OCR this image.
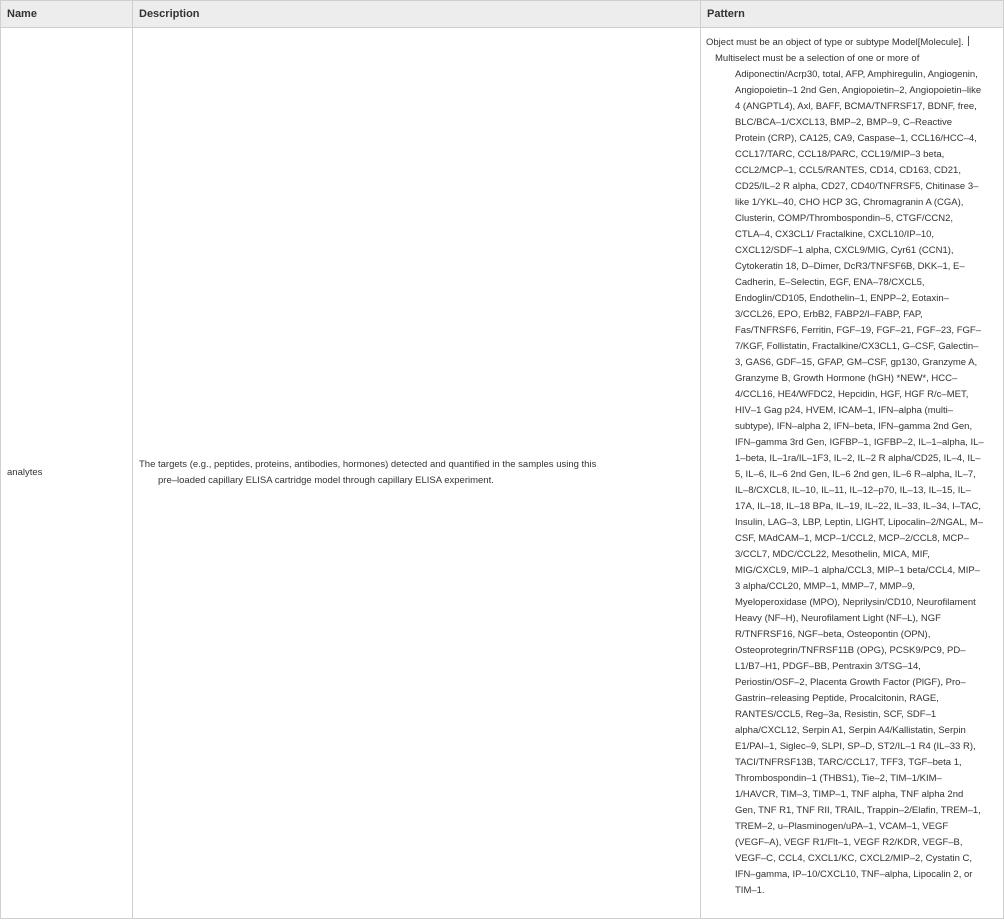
Name	Description	Pattern
analytes	The targets (e.g., peptides, proteins, antibodies, hormones) detected and quantified in the samples using this pre–loaded capillary ELISA cartridge model through capillary ELISA experiment.	Object must be an object of type or subtype Model[Molecule].
Multiselect must be a selection of one or more of

Adiponectin/Acrp30, total, AFP, Amphiregulin, Angiogenin, Angiopoietin–1 2nd Gen, Angiopoietin–2, Angiopoietin–like 4 (ANGPTL4), Axl, BAFF, BCMA/TNFRSF17, BDNF, free, BLC/BCA–1/CXCL13, BMP–2, BMP–9, C–Reactive Protein (CRP), CA125, CA9, Caspase–1, CCL16/HCC–4, CCL17/TARC, CCL18/PARC, CCL19/MIP–3 beta, CCL2/MCP–1, CCL5/RANTES, CD14, CD163, CD21, CD25/IL–2 R alpha, CD27, CD40/TNFRSF5, Chitinase 3–like 1/YKL–40, CHO HCP 3G, Chromagranin A (CGA), Clusterin, COMP/Thrombospondin–5, CTGF/CCN2, CTLA–4, CX3CL1/ Fractalkine, CXCL10/IP–10, CXCL12/SDF–1 alpha, CXCL9/MIG, Cyr61 (CCN1), Cytokeratin 18, D–Dimer, DcR3/TNFSF6B, DKK–1, E–Cadherin, E–Selectin, EGF, ENA–78/CXCL5, Endoglin/CD105, Endothelin–1, ENPP–2, Eotaxin–3/CCL26, EPO, ErbB2, FABP2/I–FABP, FAP, Fas/TNFRSF6, Ferritin, FGF–19, FGF–21, FGF–23, FGF–7/KGF, Follistatin, Fractalkine/CX3CL1, G–CSF, Galectin–3, GAS6, GDF–15, GFAP, GM–CSF, gp130, Granzyme A, Granzyme B, Growth Hormone (hGH) *NEW*, HCC–4/CCL16, HE4/WFDC2, Hepcidin, HGF, HGF R/c–MET, HIV–1 Gag p24, HVEM, ICAM–1, IFN–alpha (multi–subtype), IFN–alpha 2, IFN–beta, IFN–gamma 2nd Gen, IFN–gamma 3rd Gen, IGFBP–1, IGFBP–2, IL–1–alpha, IL–1–beta, IL–1ra/IL–1F3, IL–2, IL–2 R alpha/CD25, IL–4, IL–5, IL–6, IL–6 2nd Gen, IL–6 2nd gen, IL–6 R–alpha, IL–7, IL–8/CXCL8, IL–10, IL–11, IL–12–p70, IL–13, IL–15, IL–17A, IL–18, IL–18 BPa, IL–19, IL–22, IL–33, IL–34, I–TAC, Insulin, LAG–3, LBP, Leptin, LIGHT, Lipocalin–2/NGAL, M–CSF, MAdCAM–1, MCP–1/CCL2, MCP–2/CCL8, MCP–3/CCL7, MDC/CCL22, Mesothelin, MICA, MIF, MIG/CXCL9, MIP–1 alpha/CCL3, MIP–1 beta/CCL4, MIP–3 alpha/CCL20, MMP–1, MMP–7, MMP–9, Myeloperoxidase (MPO), Neprilysin/CD10, Neurofilament Heavy (NF–H), Neurofilament Light (NF–L), NGF R/TNFRSF16, NGF–beta, Osteopontin (OPN), Osteoprotegrin/TNFRSF11B (OPG), PCSK9/PC9, PD–L1/B7–H1, PDGF–BB, Pentraxin 3/TSG–14, Periostin/OSF–2, Placenta Growth Factor (PlGF), Pro–Gastrin–releasing Peptide, Procalcitonin, RAGE, RANTES/CCL5, Reg–3a, Resistin, SCF, SDF–1 alpha/CXCL12, Serpin A1, Serpin A4/Kallistatin, Serpin E1/PAI–1, Siglec–9, SLPI, SP–D, ST2/IL–1 R4 (IL–33 R), TACI/TNFRSF13B, TARC/CCL17, TFF3, TGF–beta 1, Thrombospondin–1 (THBS1), Tie–2, TIM–1/KIM–1/HAVCR, TIM–3, TIMP–1, TNF alpha, TNF alpha 2nd Gen, TNF R1, TNF RII, TRAIL, Trappin–2/Elafin, TREM–1, TREM–2, u–Plasminogen/uPA–1, VCAM–1, VEGF (VEGF–A), VEGF R1/Flt–1, VEGF R2/KDR, VEGF–B, VEGF–C, CCL4, CXCL1/KC, CXCL2/MIP–2, Cystatin C, IFN–gamma, IP–10/CXCL10, TNF–alpha, Lipocalin 2, or TIM–1.
